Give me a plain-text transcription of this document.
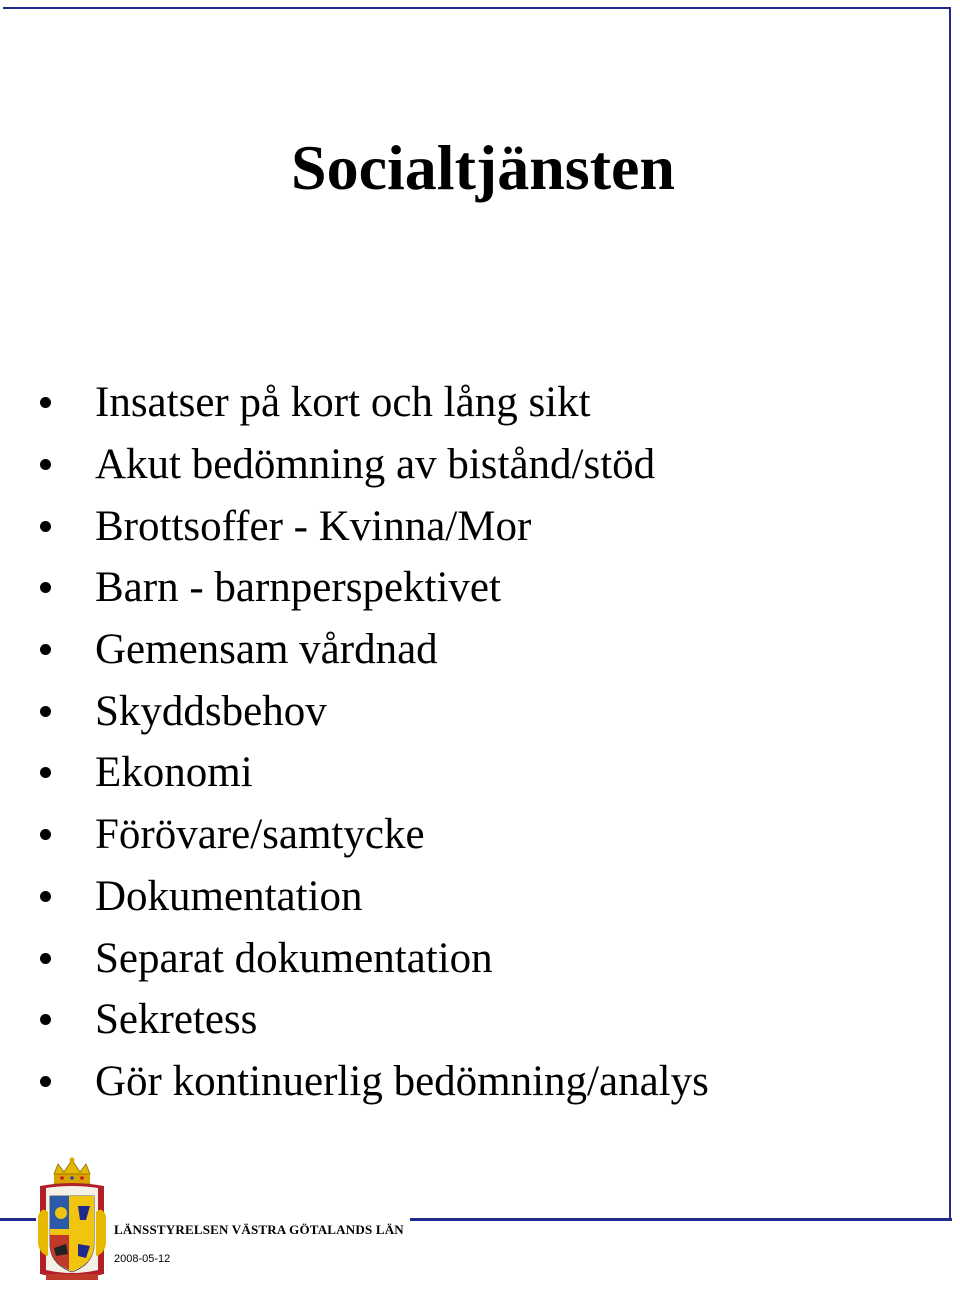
Socialtjänsten
Insatser på kort och lång sikt
Akut bedömning av bistånd/stöd
Brottsoffer - Kvinna/Mor
Barn - barnperspektivet
Gemensam vårdnad
Skyddsbehov
Ekonomi
Förövare/samtycke
Dokumentation
Separat dokumentation
Sekretess
Gör kontinuerlig bedömning/analys
LÄNSSTYRELSEN VÄSTRA GÖTALANDS LÄN
2008-05-12
